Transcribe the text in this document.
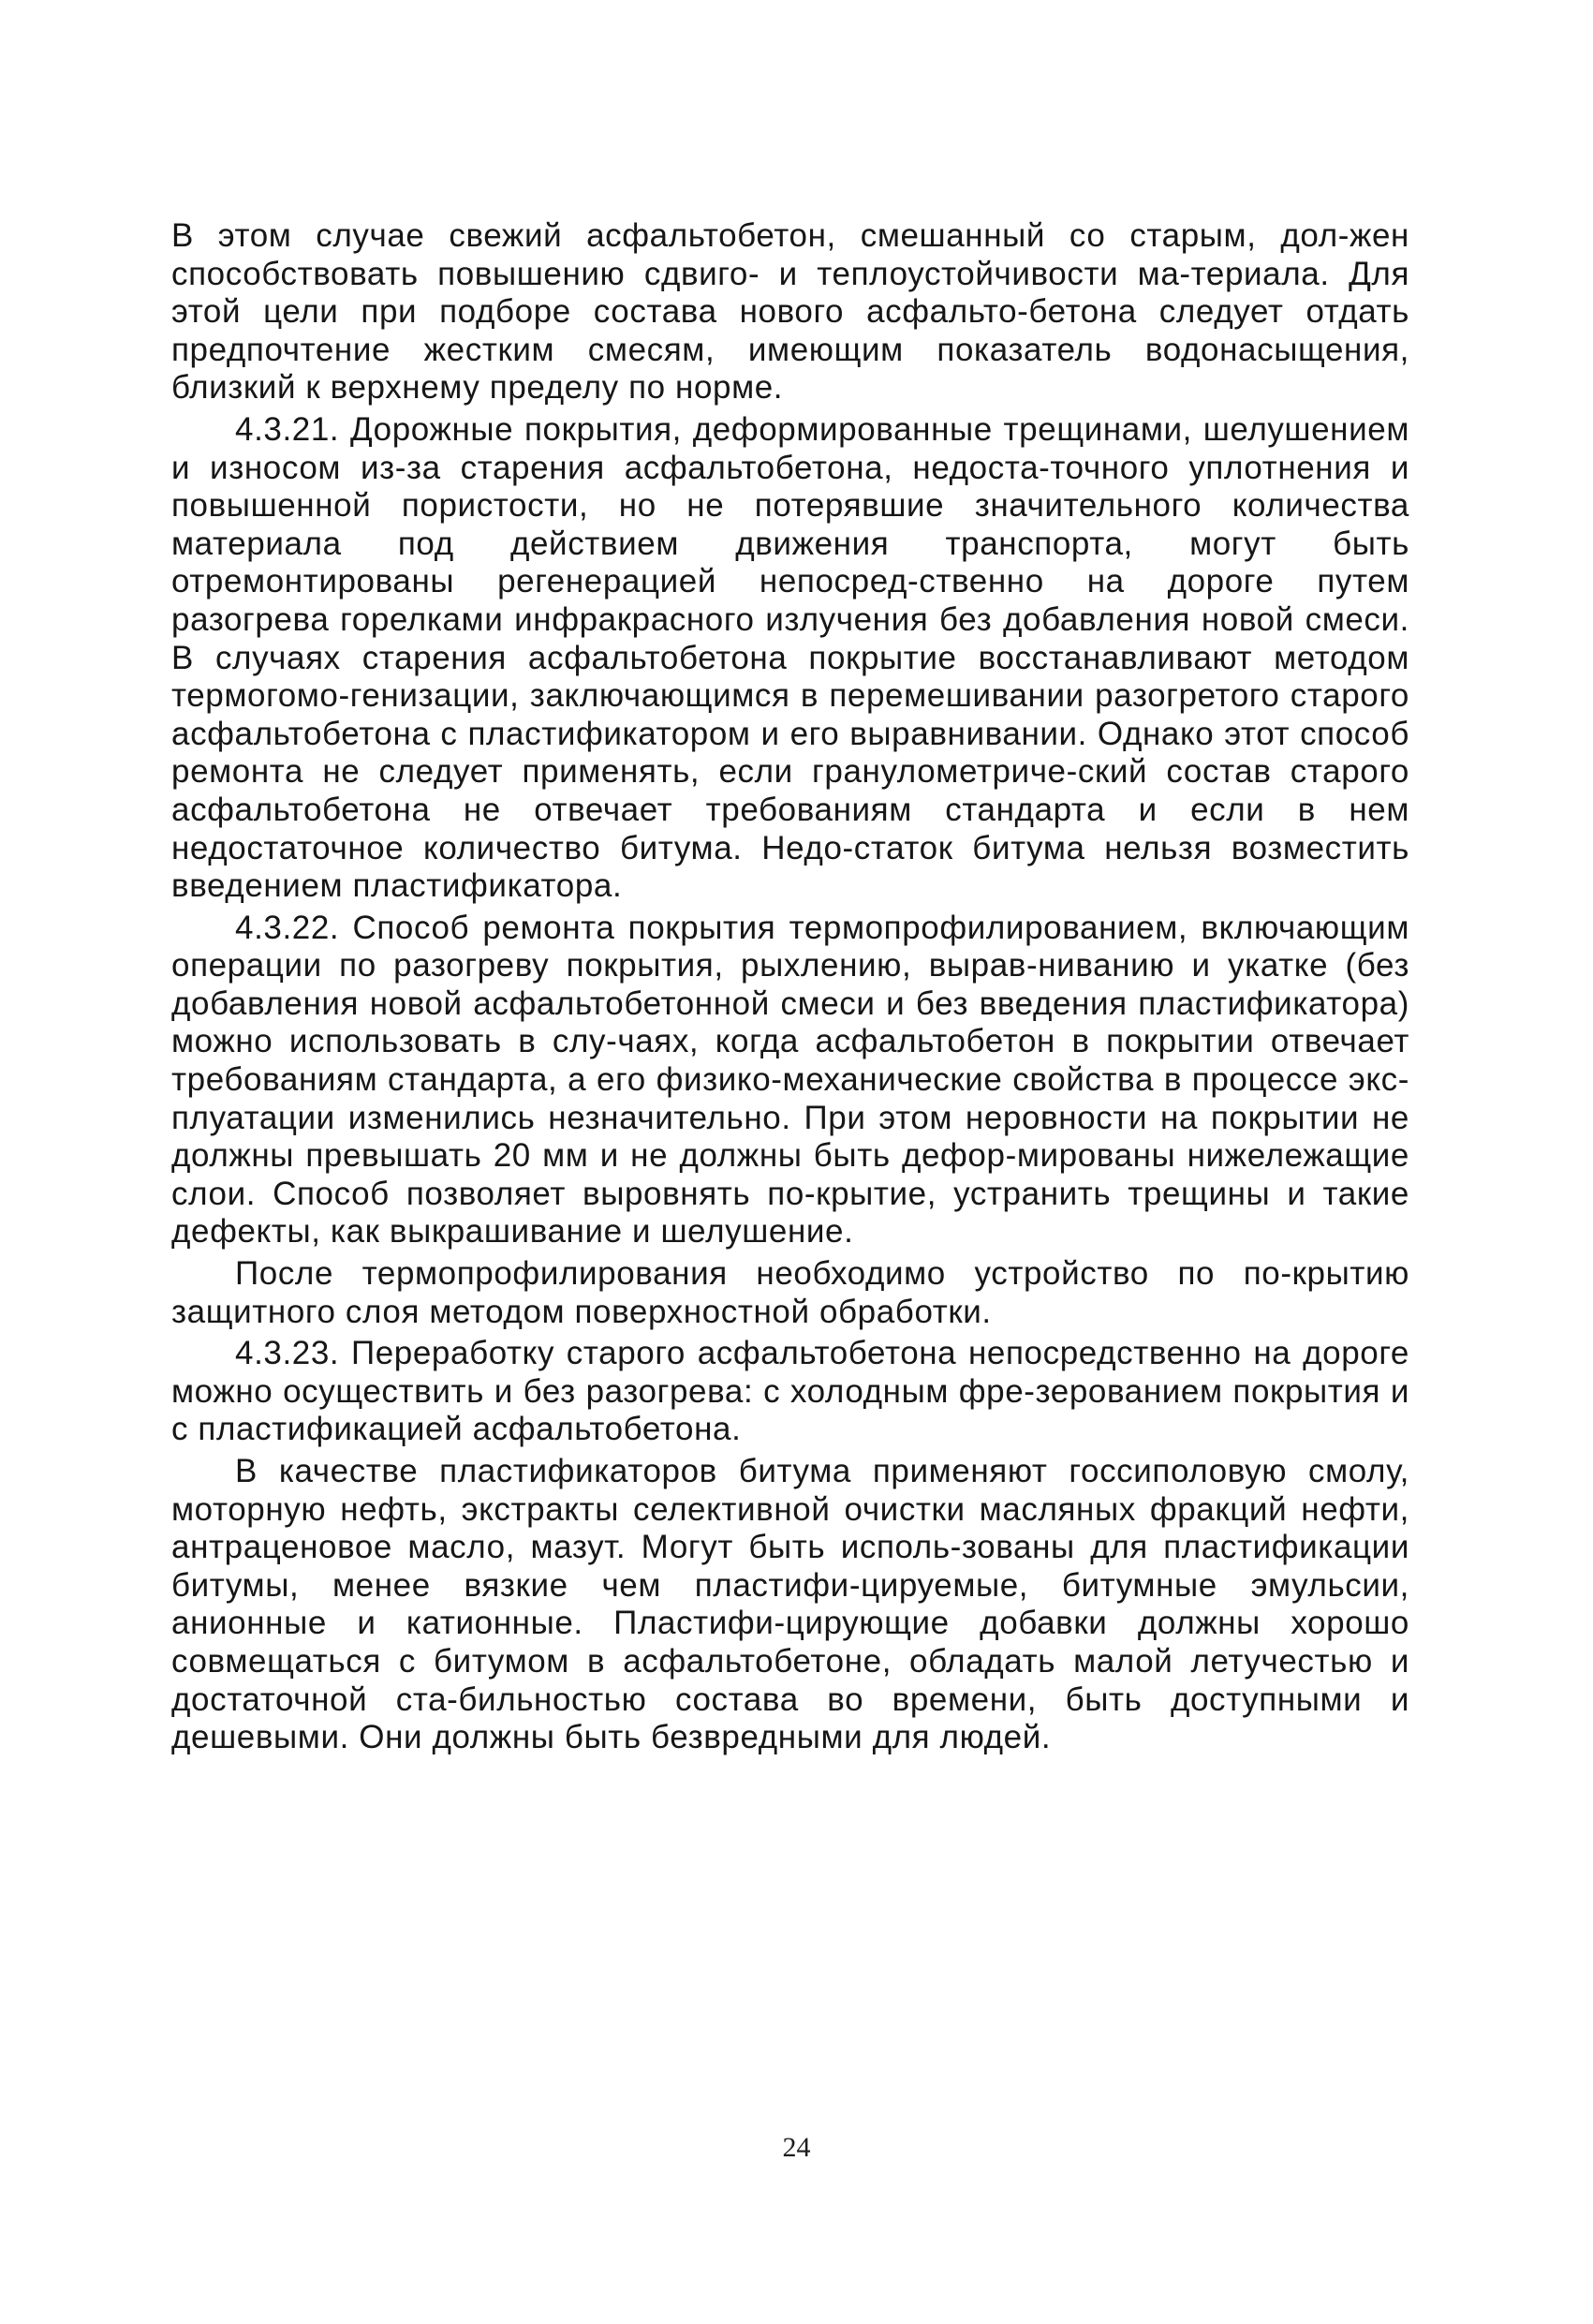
В этом случае свежий асфальтобетон, смешанный со старым, дол-жен способствовать повышению сдвиго- и теплоустойчивости ма-териала. Для этой цели при подборе состава нового асфальто-бетона следует отдать предпочтение жестким смесям, имеющим показатель водонасыщения, близкий к верхнему пределу по норме.

4.3.21. Дорожные покрытия, деформированные трещинами, шелушением и износом из-за старения асфальтобетона, недоста-точного уплотнения и повышенной пористости, но не потерявшие значительного количества материала под действием движения транспорта, могут быть отремонтированы регенерацией непосред-ственно на дороге путем разогрева горелками инфракрасного излучения без добавления новой смеси. В случаях старения асфальтобетона покрытие восстанавливают методом термогомо-генизации, заключающимся в перемешивании разогретого старого асфальтобетона с пластификатором и его выравнивании. Однако этот способ ремонта не следует применять, если гранулометриче-ский состав старого асфальтобетона не отвечает требованиям стандарта и если в нем недостаточное количество битума. Недо-статок битума нельзя возместить введением пластификатора.

4.3.22. Способ ремонта покрытия термопрофилированием, включающим операции по разогреву покрытия, рыхлению, вырав-ниванию и укатке (без добавления новой асфальтобетонной смеси и без введения пластификатора) можно использовать в слу-чаях, когда асфальтобетон в покрытии отвечает требованиям стандарта, а его физико-механические свойства в процессе экс-плуатации изменились незначительно. При этом неровности на покрытии не должны превышать 20 мм и не должны быть дефор-мированы нижележащие слои. Способ позволяет выровнять по-крытие, устранить трещины и такие дефекты, как выкрашивание и шелушение.

После термопрофилирования необходимо устройство по по-крытию защитного слоя методом поверхностной обработки.

4.3.23. Переработку старого асфальтобетона непосредственно на дороге можно осуществить и без разогрева: с холодным фре-зерованием покрытия и с пластификацией асфальтобетона.

В качестве пластификаторов битума применяют госсиполовую смолу, моторную нефть, экстракты селективной очистки масляных фракций нефти, антраценовое масло, мазут. Могут быть исполь-зованы для пластификации битумы, менее вязкие чем пластифи-цируемые, битумные эмульсии, анионные и катионные. Пластифи-цирующие добавки должны хорошо совмещаться с битумом в асфальтобетоне, обладать малой летучестью и достаточной ста-бильностью состава во времени, быть доступными и дешевыми. Они должны быть безвредными для людей.

24
